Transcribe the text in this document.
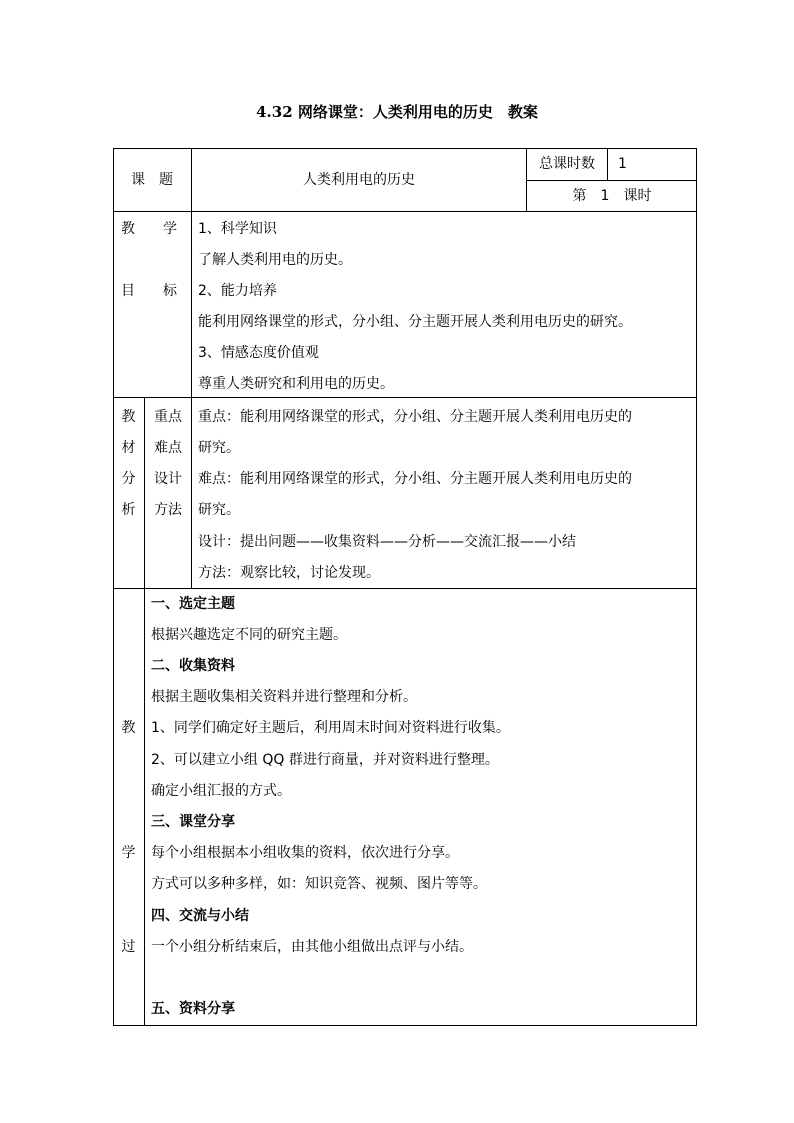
4.32 网络课堂：人类利用电的历史　教案
课　题	人类利用电的历史
总课时数	1
第　1　课时
教　　学
目　　标
1、科学知识
了解人类利用电的历史。
2、能力培养
能利用网络课堂的形式，分小组、分主题开展人类利用电历史的研究。
3、情感态度价值观
尊重人类研究和利用电的历史。
教
材
分
析
重点
难点
设计
方法
重点：能利用网络课堂的形式，分小组、分主题开展人类利用电历史的
研究。
难点：能利用网络课堂的形式，分小组、分主题开展人类利用电历史的
研究。
设计：提出问题——收集资料——分析——交流汇报——小结
方法：观察比较，讨论发现。
教
学
过
一、选定主题
根据兴趣选定不同的研究主题。
二、收集资料
根据主题收集相关资料并进行整理和分析。
1、同学们确定好主题后，利用周末时间对资料进行收集。
2、可以建立小组 QQ 群进行商量，并对资料进行整理。
确定小组汇报的方式。
三、课堂分享
每个小组根据本小组收集的资料，依次进行分享。
方式可以多种多样，如：知识竞答、视频、图片等等。
四、交流与小结
一个小组分析结束后，由其他小组做出点评与小结。
五、资料分享
